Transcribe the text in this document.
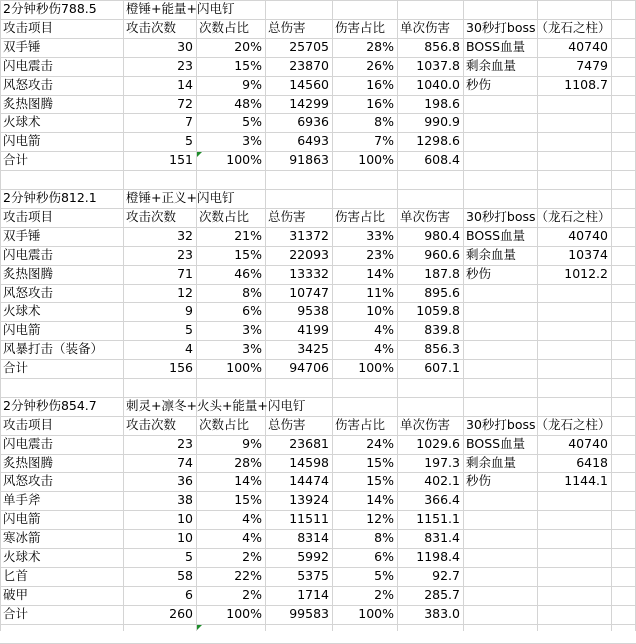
2分钟秒伤788.5	橙锤+能量+闪电钉
攻击项目	攻击次数	次数占比	总伤害	伤害占比	单次伤害
双手锤	30	20%	25705	28%	856.8
闪电震击	23	15%	23870	26%	1037.8
风怒攻击	14	9%	14560	16%	1040.0
炙热图腾	72	48%	14299	16%	198.6
火球术	7	5%	6936	8%	990.9
闪电箭	5	3%	6493	7%	1298.6
合计	151	100%	91863	100%	608.4
30秒打boss（龙石之柱）
BOSS血量	40740
剩余血量	7479
秒伤	1108.7
2分钟秒伤812.1	橙锤+正义+闪电钉
攻击项目	攻击次数	次数占比	总伤害	伤害占比	单次伤害
双手锤	32	21%	31372	33%	980.4
闪电震击	23	15%	22093	23%	960.6
炙热图腾	71	46%	13332	14%	187.8
风怒攻击	12	8%	10747	11%	895.6
火球术	9	6%	9538	10%	1059.8
闪电箭	5	3%	4199	4%	839.8
风暴打击（装备）	4	3%	3425	4%	856.3
合计	156	100%	94706	100%	607.1
30秒打boss（龙石之柱）
BOSS血量	40740
剩余血量	10374
秒伤	1012.2
2分钟秒伤854.7	刺灵+凛冬+火头+能量+闪电钉
攻击项目	攻击次数	次数占比	总伤害	伤害占比	单次伤害
闪电震击	23	9%	23681	24%	1029.6
炙热图腾	74	28%	14598	15%	197.3
风怒攻击	36	14%	14474	15%	402.1
单手斧	38	15%	13924	14%	366.4
闪电箭	10	4%	11511	12%	1151.1
寒冰箭	10	4%	8314	8%	831.4
火球术	5	2%	5992	6%	1198.4
匕首	58	22%	5375	5%	92.7
破甲	6	2%	1714	2%	285.7
合计	260	100%	99583	100%	383.0
30秒打boss（龙石之柱）
BOSS血量	40740
剩余血量	6418
秒伤	1144.1
